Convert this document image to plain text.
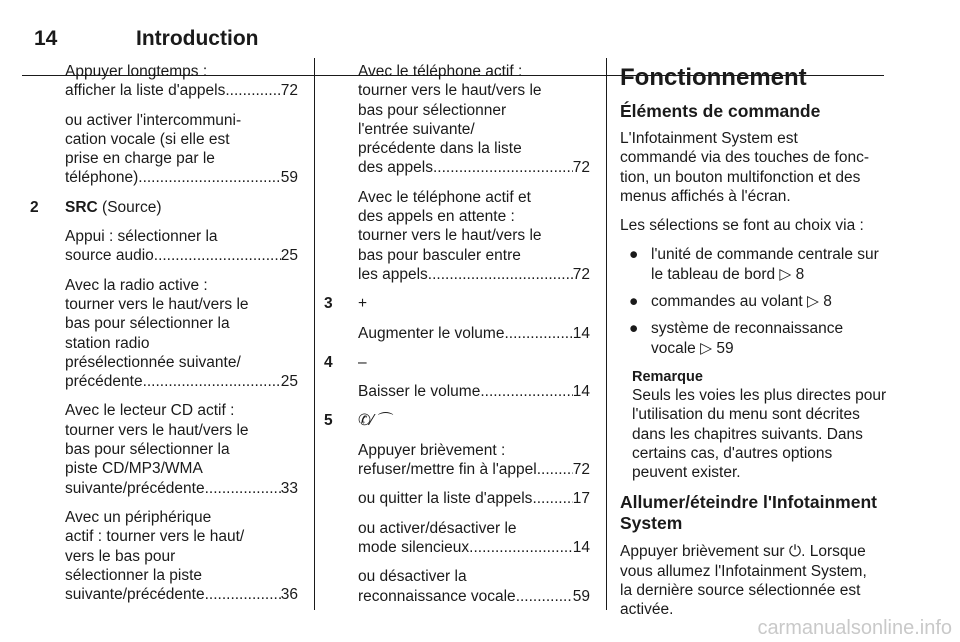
14	Introduction
Appuyer longtemps :
afficher la liste d'appels .....	72
ou activer l'intercommuni-
cation vocale (si elle est
prise en charge par le
téléphone) .....	59
2	SRC (Source)
Appui : sélectionner la
source audio .....	25
Avec la radio active :
tourner vers le haut/vers le
bas pour sélectionner la
station radio
présélectionnée suivante/
précédente .....	25
Avec le lecteur CD actif :
tourner vers le haut/vers le
bas pour sélectionner la
piste CD/MP3/WMA
suivante/précédente .....	33
Avec un périphérique
actif : tourner vers le haut/
vers le bas pour
sélectionner la piste
suivante/précédente .....	36
Avec le téléphone actif :
tourner vers le haut/vers le
bas pour sélectionner
l'entrée suivante/
précédente dans la liste
des appels .....	72
Avec le téléphone actif et
des appels en attente :
tourner vers le haut/vers le
bas pour basculer entre
les appels .....	72
3 +
Augmenter le volume .....	14
4 –
Baisser le volume .....	14
5 ✆⁄ ⌒
Appuyer brièvement :
refuser/mettre fin à l'appel ..... 72
ou quitter la liste d'appels .....	17
ou activer/désactiver le
mode silencieux .....	14
ou désactiver la
reconnaissance vocale .....	59
Fonctionnement
Éléments de commande
L'Infotainment System est
commandé via des touches de fonc-
tion, un bouton multifonction et des
menus affichés à l'écran.
Les sélections se font au choix via :
● l'unité de commande centrale sur
le tableau de bord ▷ 8
● commandes au volant ▷ 8
● système de reconnaissance
vocale ▷ 59
Remarque
Seuls les voies les plus directes pour
l'utilisation du menu sont décrites
dans les chapitres suivants. Dans
certains cas, d'autres options
peuvent exister.
Allumer/éteindre l'Infotainment
System
Appuyer brièvement sur ⏻. Lorsque
vous allumez l'Infotainment System,
la dernière source sélectionnée est
activée.
carmanualsonline.info
